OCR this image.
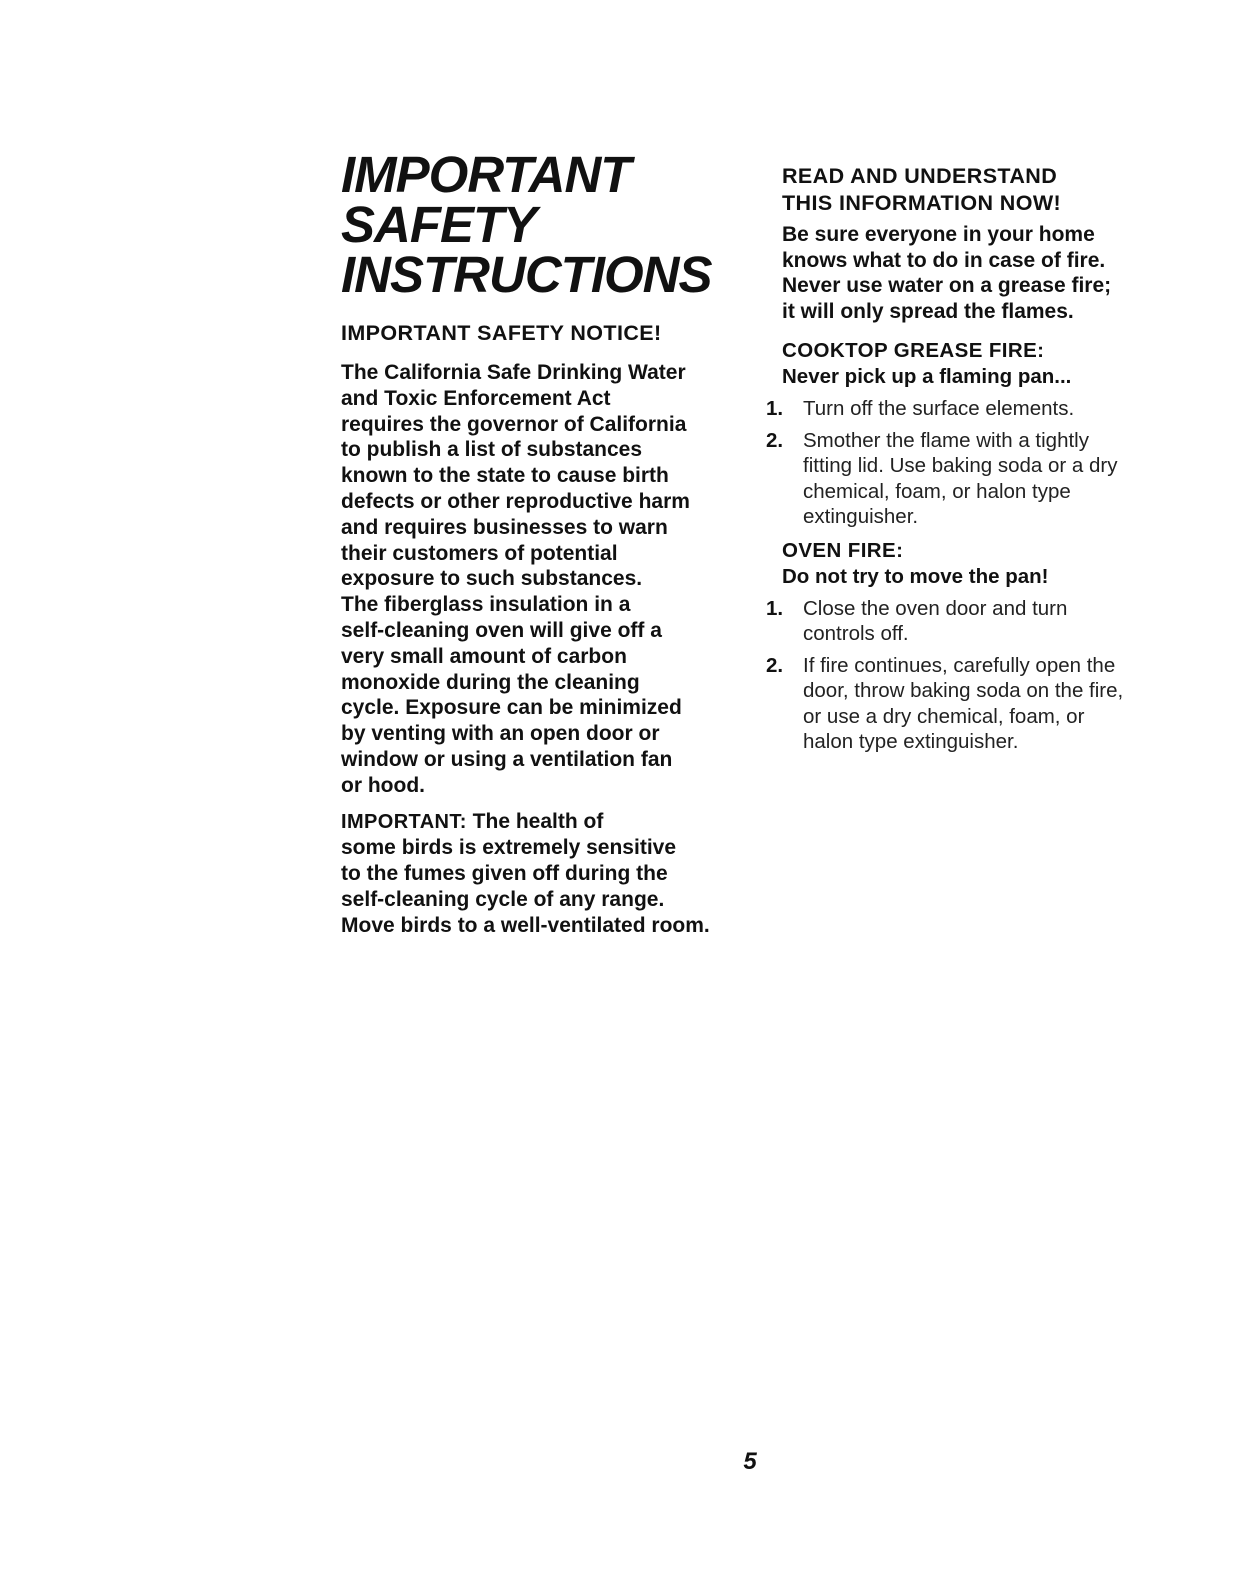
IMPORTANT SAFETY
INSTRUCTIONS
IMPORTANT SAFETY NOTICE!

The California Safe Drinking Water
and Toxic Enforcement Act
requires the governor of California
to publish a list of substances
known to the state to cause birth
defects or other reproductive harm
and requires businesses to warn
their customers of potential
exposure to such substances.
The fiberglass insulation in a
self-cleaning oven will give off a
very small amount of carbon
monoxide during the cleaning
cycle. Exposure can be minimized
by venting with an open door or
window or using a ventilation fan
or hood.

IMPORTANT: The health of
some birds is extremely sensitive
to the fumes given off during the
self-cleaning cycle of any range.
Move birds to a well-ventilated room.

READ AND UNDERSTAND
THIS INFORMATION NOW!

Be sure everyone in your home
knows what to do in case of fire.
Never use water on a grease fire;
it will only spread the flames.

COOKTOP GREASE FIRE:

Never pick up a flaming pan...

1. Turn off the surface elements.
2. Smother the flame with a tightly
fitting lid. Use baking soda or a dry
chemical, foam, or halon type
extinguisher.
OVEN FIRE:

Do not try to move the pan!

1. Close the oven door and turn
controls off.
2. If fire continues, carefully open the
door, throw baking soda on the fire,
or use a dry chemical, foam, or
halon type extinguisher.
5
